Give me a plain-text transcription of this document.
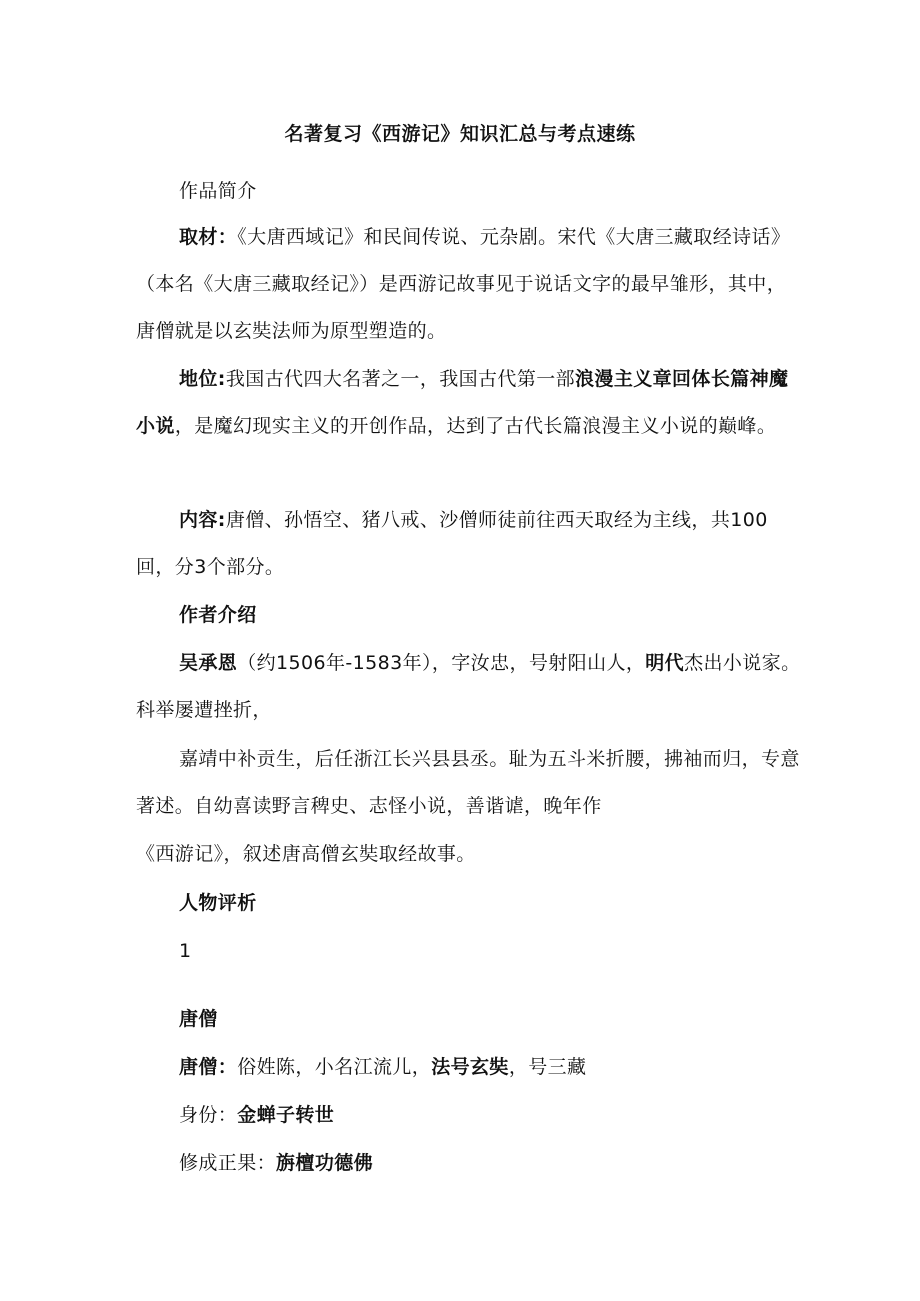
名著复习《西游记》知识汇总与考点速练
作品简介
取材：《大唐西域记》和民间传说、元杂剧。宋代《大唐三藏取经诗话》（本名《大唐三藏取经记》）是西游记故事见于说话文字的最早雏形，其中，唐僧就是以玄奘法师为原型塑造的。
地位:我国古代四大名著之一，我国古代第一部浪漫主义章回体长篇神魔小说，是魔幻现实主义的开创作品，达到了古代长篇浪漫主义小说的巅峰。
内容:唐僧、孙悟空、猪八戒、沙僧师徒前往西天取经为主线，共100回，分3个部分。
作者介绍
吴承恩（约1506年-1583年），字汝忠，号射阳山人，明代杰出小说家。科举屡遭挫折，
嘉靖中补贡生，后任浙江长兴县县丞。耻为五斗米折腰，拂袖而归，专意著述。自幼喜读野言稗史、志怪小说，善谐谑，晚年作
《西游记》，叙述唐高僧玄奘取经故事。
人物评析
1
唐僧
唐僧：俗姓陈，小名江流儿，法号玄奘，号三藏
身份：金蝉子转世
修成正果：旃檀功德佛
